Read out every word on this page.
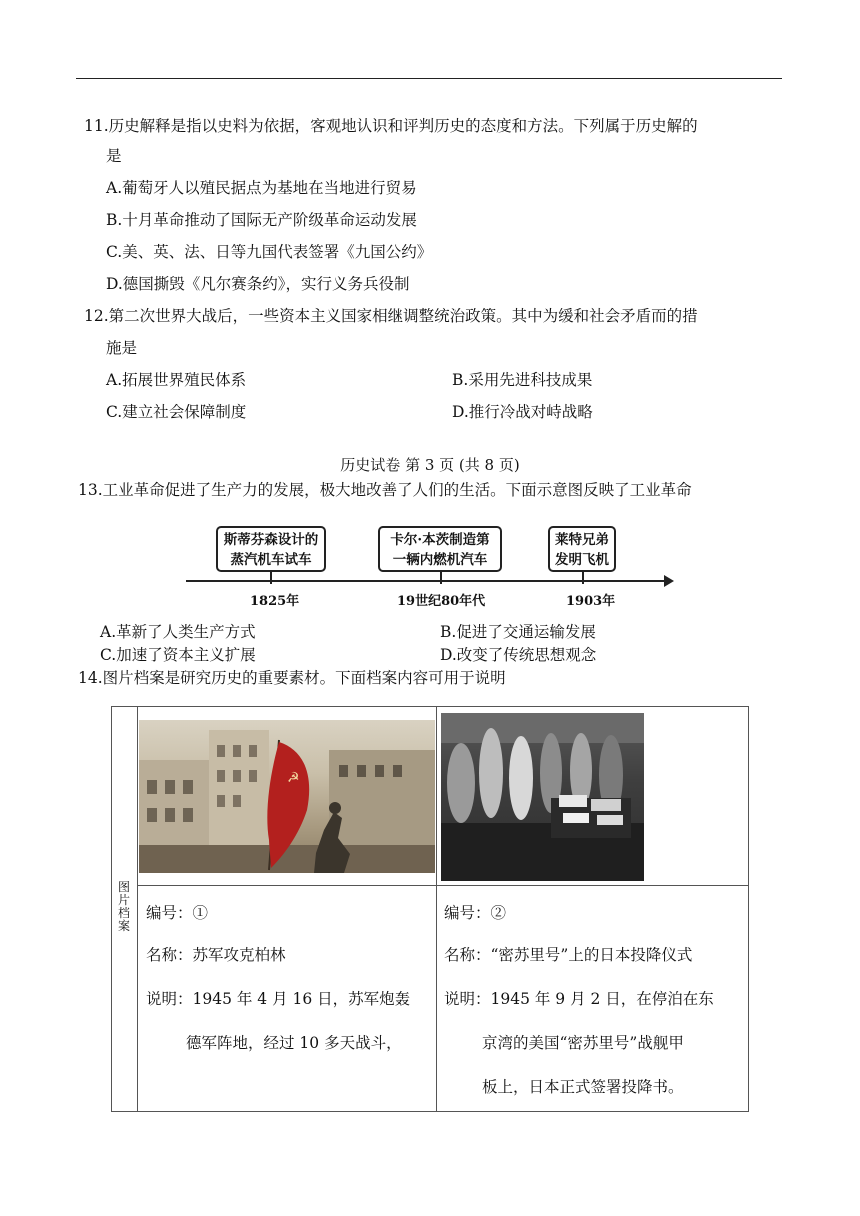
11.历史解释是指以史料为依据，客观地认识和评判历史的态度和方法。下列属于历史解的
是
A.葡萄牙人以殖民据点为基地在当地进行贸易
B.十月革命推动了国际无产阶级革命运动发展
C.美、英、法、日等九国代表签署《九国公约》
D.德国撕毁《凡尔赛条约》，实行义务兵役制
12.第二次世界大战后，一些资本主义国家相继调整统治政策。其中为缓和社会矛盾而的措
施是
A.拓展世界殖民体系	B.采用先进科技成果
C.建立社会保障制度	D.推行冷战对峙战略
历史试卷 第 3 页 (共 8 页)
13.工业革命促进了生产力的发展，极大地改善了人们的生活。下面示意图反映了工业革命
斯蒂芬森设计的
蒸汽机车试车
卡尔·本茨制造第
一辆内燃机汽车
莱特兄弟
发明飞机
1825年	19世纪80年代	1903年
A.革新了人类生产方式	B.促进了交通运输发展
C.加速了资本主义扩展	D.改变了传统思想观念
14.图片档案是研究历史的重要素材。下面档案内容可用于说明
图片档案
☭
编号：①
名称：苏军攻克柏林
说明：1945 年 4 月 16 日，苏军炮轰
德军阵地，经过 10 多天战斗，
编号：②
名称：“密苏里号”上的日本投降仪式
说明：1945 年 9 月 2 日，在停泊在东
京湾的美国“密苏里号”战舰甲
板上，日本正式签署投降书。
